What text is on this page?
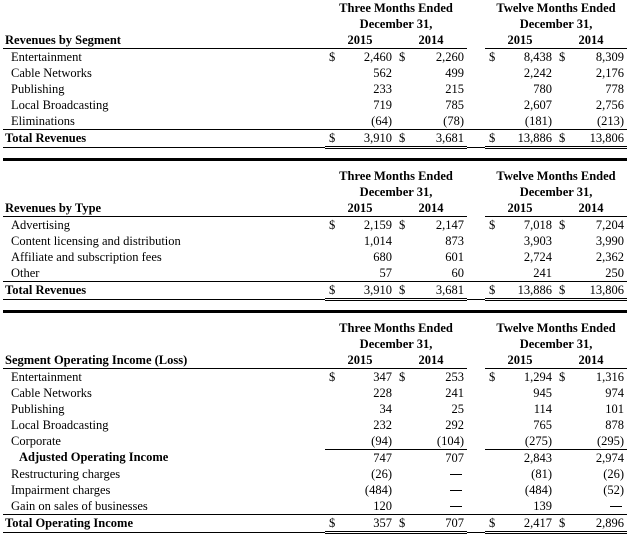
	Three Months Ended					Twelve Months Ended			
	December 31,					December 31,			
Revenues by Segment	2015		2014			2015		2014	
Entertainment	$	2,460	$	2,260		$	8,438	$	8,309
Cable Networks		562		499			2,242		2,176
Publishing		233		215			780		778
Local Broadcasting		719		785			2,607		2,756
Eliminations		(64)		(78)			(181)		(213)
Total Revenues	$	3,910	$	3,681		$	13,886	$	13,806
	Three Months Ended					Twelve Months Ended			
	December 31,					December 31,			
Revenues by Type	2015		2014			2015		2014	
Advertising	$	2,159	$	2,147		$	7,018	$	7,204
Content licensing and distribution		1,014		873			3,903		3,990
Affiliate and subscription fees		680		601			2,724		2,362
Other		57		60			241		250
Total Revenues	$	3,910	$	3,681		$	13,886	$	13,806
	Three Months Ended					Twelve Months Ended			
	December 31,					December 31,			
Segment Operating Income (Loss)	2015		2014			2015		2014	
Entertainment	$	347	$	253		$	1,294	$	1,316
Cable Networks		228		241			945		974
Publishing		34		25			114		101
Local Broadcasting		232		292			765		878
Corporate		(94)		(104)			(275)		(295)
Adjusted Operating Income		747		707			2,843		2,974
Restructuring charges		(26)					(81)		(26)
Impairment charges		(484)					(484)		(52)
Gain on sales of businesses		120					139		
Total Operating Income	$	357	$	707		$	2,417	$	2,896
